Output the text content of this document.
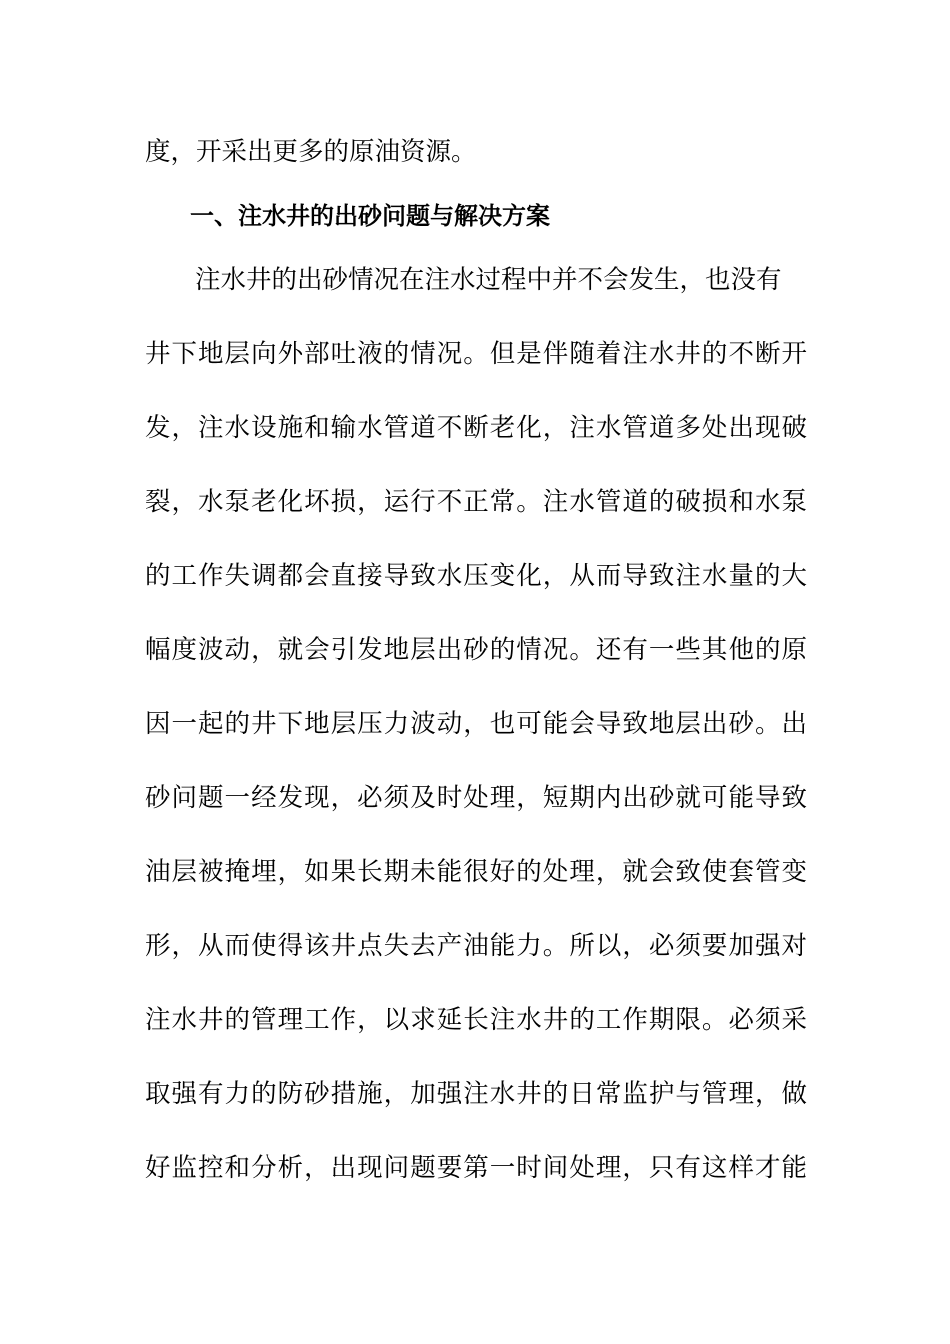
度，开采出更多的原油资源。
一、注水井的出砂问题与解决方案
注水井的出砂情况在注水过程中并不会发生，也没有
井下地层向外部吐液的情况。但是伴随着注水井的不断开
发，注水设施和输水管道不断老化，注水管道多处出现破
裂，水泵老化坏损，运行不正常。注水管道的破损和水泵
的工作失调都会直接导致水压变化，从而导致注水量的大
幅度波动，就会引发地层出砂的情况。还有一些其他的原
因一起的井下地层压力波动，也可能会导致地层出砂。出
砂问题一经发现，必须及时处理，短期内出砂就可能导致
油层被掩埋，如果长期未能很好的处理，就会致使套管变
形，从而使得该井点失去产油能力。所以，必须要加强对
注水井的管理工作，以求延长注水井的工作期限。必须采
取强有力的防砂措施，加强注水井的日常监护与管理，做
好监控和分析，出现问题要第一时间处理，只有这样才能
